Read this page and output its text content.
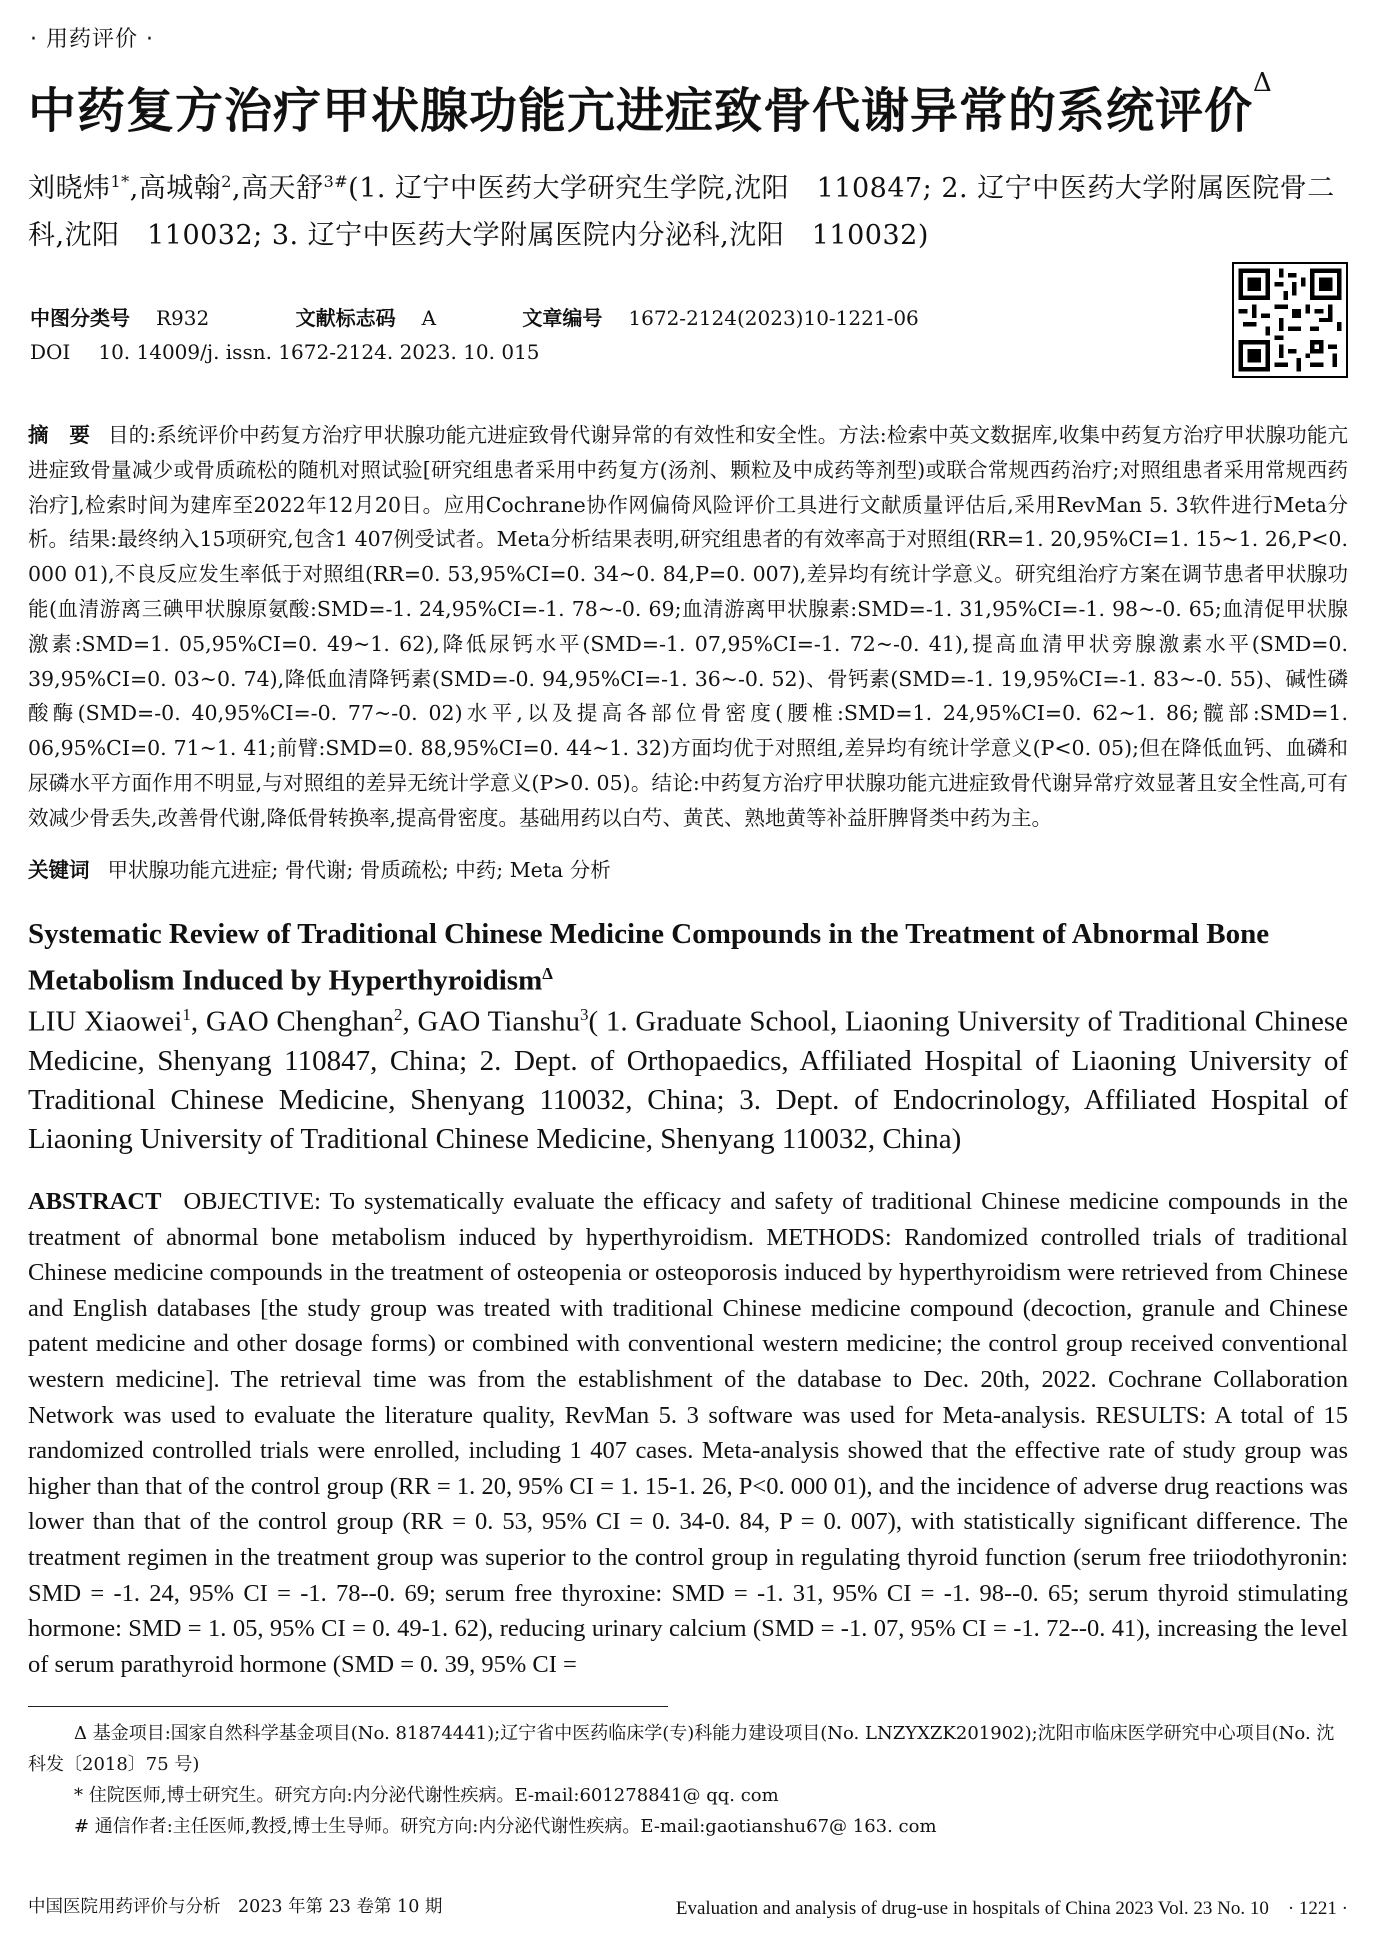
· 用药评价 ·
中药复方治疗甲状腺功能亢进症致骨代谢异常的系统评价$^\Delta$
刘晓炜$^{1*}$,高城翰$^2$,高天舒$^{3\#}$(1. 辽宁中医药大学研究生学院,沈阳　110847; 2. 辽宁中医药大学附属医院骨二科,沈阳　110032; 3. 辽宁中医药大学附属医院内分泌科,沈阳　110032)
中图分类号 R932	文献标志码 A	文章编号 1672-2124(2023)10-1221-06
DOI 10. 14009/j. issn. 1672-2124. 2023. 10. 015
摘　要 目的:系统评价中药复方治疗甲状腺功能亢进症致骨代谢异常的有效性和安全性。方法:检索中英文数据库,收集中药复方治疗甲状腺功能亢进症致骨量减少或骨质疏松的随机对照试验[研究组患者采用中药复方(汤剂、颗粒及中成药等剂型)或联合常规西药治疗;对照组患者采用常规西药治疗],检索时间为建库至2022年12月20日。应用Cochrane协作网偏倚风险评价工具进行文献质量评估后,采用RevMan 5. 3软件进行Meta分析。结果:最终纳入15项研究,包含1 407例受试者。Meta分析结果表明,研究组患者的有效率高于对照组(RR=1. 20,95%CI=1. 15~1. 26,P<0. 000 01),不良反应发生率低于对照组(RR=0. 53,95%CI=0. 34~0. 84,P=0. 007),差异均有统计学意义。研究组治疗方案在调节患者甲状腺功能(血清游离三碘甲状腺原氨酸:SMD=-1. 24,95%CI=-1. 78~-0. 69;血清游离甲状腺素:SMD=-1. 31,95%CI=-1. 98~-0. 65;血清促甲状腺激素:SMD=1. 05,95%CI=0. 49~1. 62),降低尿钙水平(SMD=-1. 07,95%CI=-1. 72~-0. 41),提高血清甲状旁腺激素水平(SMD=0. 39,95%CI=0. 03~0. 74),降低血清降钙素(SMD=-0. 94,95%CI=-1. 36~-0. 52)、骨钙素(SMD=-1. 19,95%CI=-1. 83~-0. 55)、碱性磷酸酶(SMD=-0. 40,95%CI=-0. 77~-0. 02)水平,以及提高各部位骨密度(腰椎:SMD=1. 24,95%CI=0. 62~1. 86;髋部:SMD=1. 06,95%CI=0. 71~1. 41;前臂:SMD=0. 88,95%CI=0. 44~1. 32)方面均优于对照组,差异均有统计学意义(P<0. 05);但在降低血钙、血磷和尿磷水平方面作用不明显,与对照组的差异无统计学意义(P>0. 05)。结论:中药复方治疗甲状腺功能亢进症致骨代谢异常疗效显著且安全性高,可有效减少骨丢失,改善骨代谢,降低骨转换率,提高骨密度。基础用药以白芍、黄芪、熟地黄等补益肝脾肾类中药为主。
关键词 甲状腺功能亢进症; 骨代谢; 骨质疏松; 中药; Meta 分析
Systematic Review of Traditional Chinese Medicine Compounds in the Treatment of Abnormal Bone Metabolism Induced by Hyperthyroidism$^\Delta$
LIU Xiaowei$^1$, GAO Chenghan$^2$, GAO Tianshu$^3$( 1. Graduate School, Liaoning University of Traditional Chinese Medicine, Shenyang 110847, China; 2. Dept. of Orthopaedics, Affiliated Hospital of Liaoning University of Traditional Chinese Medicine, Shenyang 110032, China; 3. Dept. of Endocrinology, Affiliated Hospital of Liaoning University of Traditional Chinese Medicine, Shenyang 110032, China)
ABSTRACT OBJECTIVE: To systematically evaluate the efficacy and safety of traditional Chinese medicine compounds in the treatment of abnormal bone metabolism induced by hyperthyroidism. METHODS: Randomized controlled trials of traditional Chinese medicine compounds in the treatment of osteopenia or osteoporosis induced by hyperthyroidism were retrieved from Chinese and English databases [the study group was treated with traditional Chinese medicine compound (decoction, granule and Chinese patent medicine and other dosage forms) or combined with conventional western medicine; the control group received conventional western medicine]. The retrieval time was from the establishment of the database to Dec. 20th, 2022. Cochrane Collaboration Network was used to evaluate the literature quality, RevMan 5. 3 software was used for Meta-analysis. RESULTS: A total of 15 randomized controlled trials were enrolled, including 1 407 cases. Meta-analysis showed that the effective rate of study group was higher than that of the control group (RR = 1. 20, 95% CI = 1. 15-1. 26, P<0. 000 01), and the incidence of adverse drug reactions was lower than that of the control group (RR = 0. 53, 95% CI = 0. 34-0. 84, P = 0. 007), with statistically significant difference. The treatment regimen in the treatment group was superior to the control group in regulating thyroid function (serum free triiodothyronin: SMD = -1. 24, 95% CI = -1. 78--0. 69; serum free thyroxine: SMD = -1. 31, 95% CI = -1. 98--0. 65; serum thyroid stimulating hormone: SMD = 1. 05, 95% CI = 0. 49-1. 62), reducing urinary calcium (SMD = -1. 07, 95% CI = -1. 72--0. 41), increasing the level of serum parathyroid hormone (SMD = 0. 39, 95% CI =
Δ 基金项目:国家自然科学基金项目(No. 81874441);辽宁省中医药临床学(专)科能力建设项目(No. LNZYXZK201902);沈阳市临床医学研究中心项目(No. 沈科发〔2018〕75 号)
* 住院医师,博士研究生。研究方向:内分泌代谢性疾病。E-mail:601278841@ qq. com
# 通信作者:主任医师,教授,博士生导师。研究方向:内分泌代谢性疾病。E-mail:gaotianshu67@ 163. com
中国医院用药评价与分析　2023 年第 23 卷第 10 期	Evaluation and analysis of drug-use in hospitals of China 2023 Vol. 23 No. 10　· 1221 ·
